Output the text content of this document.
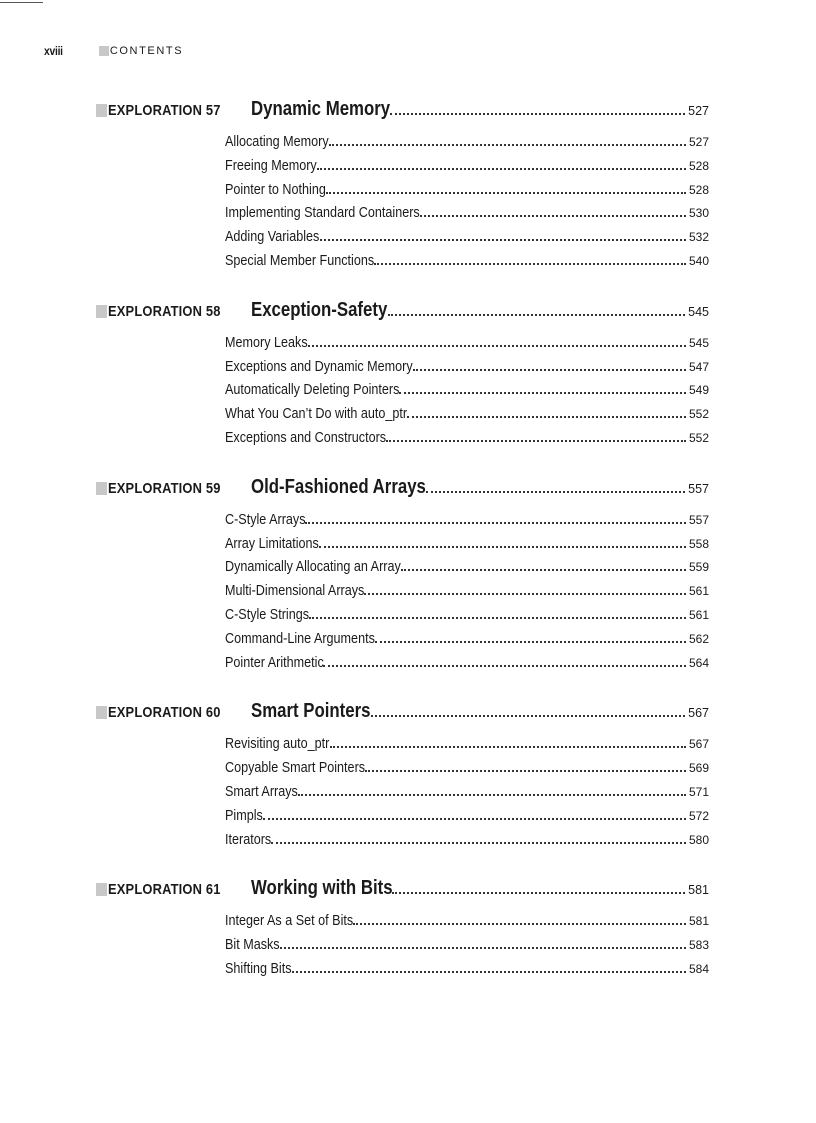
xviii	CONTENTS
EXPLORATION 57	Dynamic Memory	527
Allocating Memory	527
Freeing Memory	528
Pointer to Nothing	528
Implementing Standard Containers	530
Adding Variables	532
Special Member Functions	540
EXPLORATION 58	Exception-Safety	545
Memory Leaks	545
Exceptions and Dynamic Memory	547
Automatically Deleting Pointers	549
What You Can’t Do with auto_ptr	552
Exceptions and Constructors	552
EXPLORATION 59	Old-Fashioned Arrays	557
C-Style Arrays	557
Array Limitations	558
Dynamically Allocating an Array	559
Multi-Dimensional Arrays	561
C-Style Strings	561
Command-Line Arguments	562
Pointer Arithmetic	564
EXPLORATION 60	Smart Pointers	567
Revisiting auto_ptr	567
Copyable Smart Pointers	569
Smart Arrays	571
Pimpls	572
Iterators	580
EXPLORATION 61	Working with Bits	581
Integer As a Set of Bits	581
Bit Masks	583
Shifting Bits	584
